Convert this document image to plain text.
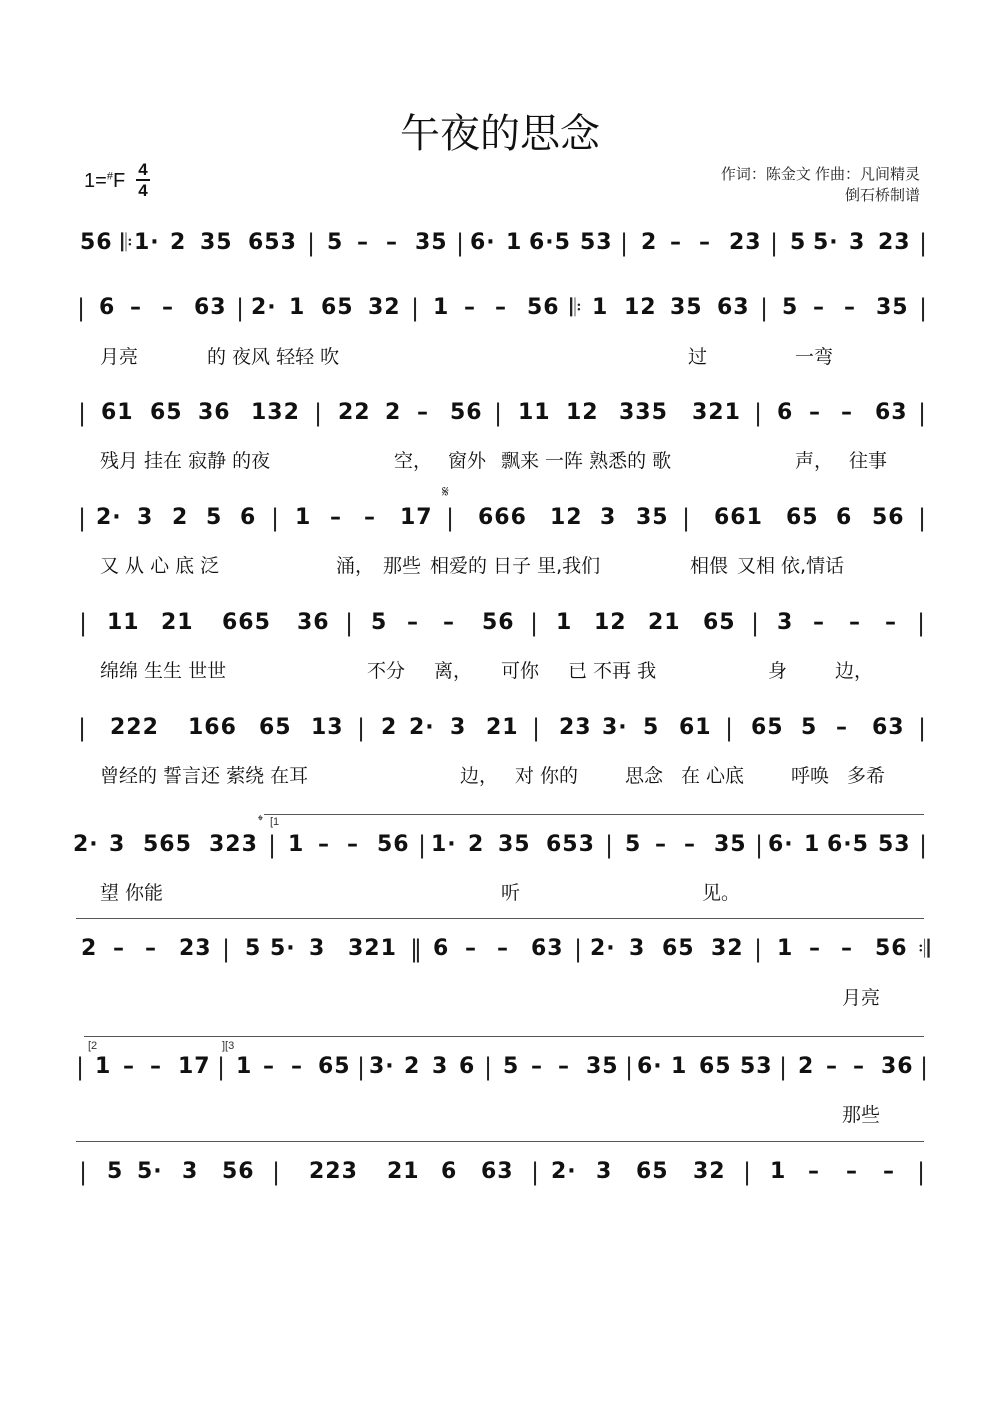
午夜的思念
1=#F
4
4
作词：陈金文 作曲：凡间精灵
倒石桥制谱
56 𝄆 1· 2 35 653 | 5 – – 35 | 6· 1 6·5 53 | 2 – – 23 | 5 5· 3 23 |
| 6 – – 63 | 2· 1 65 32 | 1 – – 56 𝄆 1 12 35 63 | 5 – – 35 |
月亮	的 夜风 轻轻 吹	过	一弯
| 61 65 36 132 | 22 2 – 56 | 11 12 335 321 | 6 – – 63 |
残月 挂在 寂静 的夜	空， 窗外 飘来 一阵 熟悉的 歌	声， 往事
| 2· 3 2 5 6 | 1 – – 17 | 666 12 3 35 | 661 65 6 56 |
又 从 心 底 泛	涌， 那些 相爱的 日子 里,我们	相偎 又相 依,情话
| 11 21 665 36 | 5 – – 56 | 1 12 21 65 | 3 – – – |
绵绵 生生 世世	不分 离， 可你 已 不再 我	身	边，
| 222 166 65 13 | 2 2· 3 21 | 23 3· 5 61 | 65 5 – 63 |
曾经的 誓言还 萦绕 在耳	边， 对 你的 思念 在 心底 呼唤 多希
𝄌 [1
2· 3 565 323 | 1 – – 56 | 1· 2 35 653 | 5 – – 35 | 6· 1 6·5 53 |
望 你能	听	见。
2 – – 23 | 5 5· 3 321 ‖ 6 – – 63 | 2· 3 65 32 | 1 – – 56 𝄇
月亮
[2	][3
| 1 – – 17 | 1 – – 65 | 3· 2 3 6 | 5 – – 35 | 6· 1 65 53 | 2 – – 36 |
那些
| 5 5· 3 56 | 223 21 6 63 | 2· 3 65 32 | 1 – – – |
𝄋
